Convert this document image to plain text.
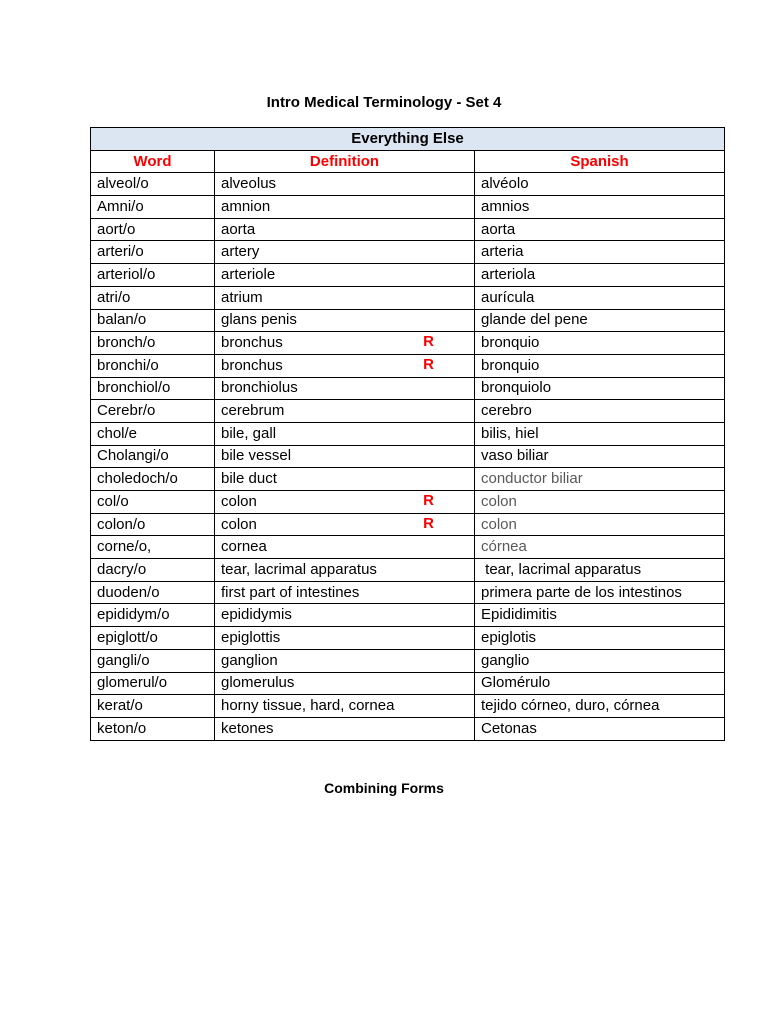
Intro Medical Terminology - Set 4
Everything Else		
Word	Definition	Spanish
alveol/o	alveolus	alvéolo
Amni/o	amnion	amnios
aort/o	aorta	aorta
arteri/o	artery	arteria
arteriol/o	arteriole	arteriola
atri/o	atrium	aurícula
balan/o	glans penis	glande del pene
bronch/o	bronchus R	bronquio
bronchi/o	bronchus R	bronquio
bronchiol/o	bronchiolus	bronquiolo
Cerebr/o	cerebrum	cerebro
chol/e	bile, gall	bilis, hiel
Cholangi/o	bile vessel	vaso biliar
choledoch/o	bile duct	conductor biliar
col/o	colon R	colon
colon/o	colon R	colon
corne/o,	cornea	córnea
dacry/o	tear, lacrimal apparatus	tear, lacrimal apparatus
duoden/o	first part of intestines	primera parte de los intestinos
epididym/o	epididymis	Epididimitis
epiglott/o	epiglottis	epiglotis
gangli/o	ganglion	ganglio
glomerul/o	glomerulus	Glomérulo
kerat/o	horny tissue, hard, cornea	tejido córneo, duro, córnea
keton/o	ketones	Cetonas
Combining Forms
